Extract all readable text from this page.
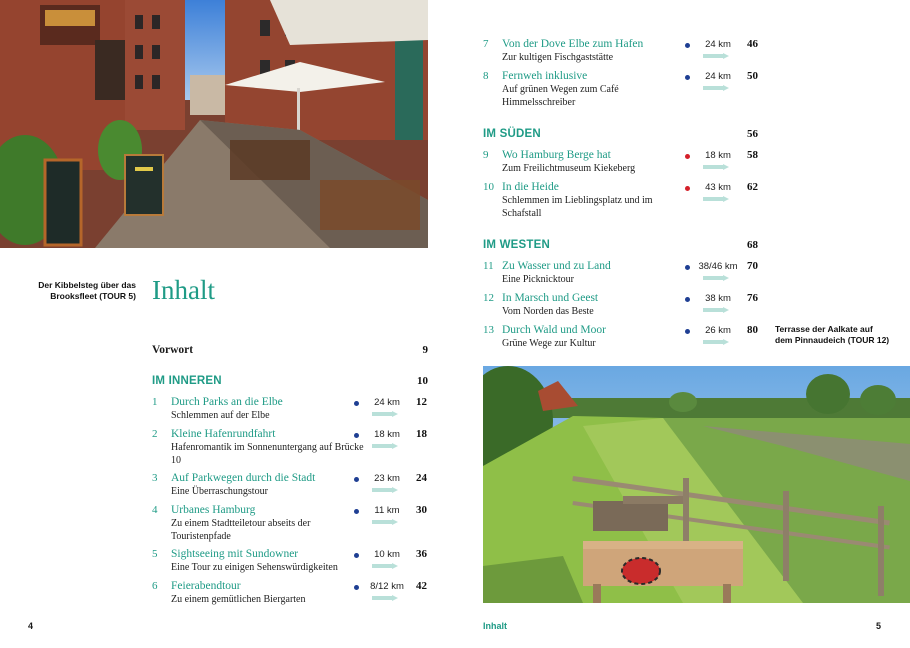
Der Kibbelsteg über das
Brooksfleet (TOUR 5) Inhalt
Vorwort	9
IM INNEREN	10
1 Durch Parks an die Elbe
Schlemmen auf der Elbe
24 km	12
2 Kleine Hafenrundfahrt
Hafenromantik im Sonnenuntergang auf Brücke 10
18 km	18
3 Auf Parkwegen durch die Stadt
Eine Überraschungstour
23 km	24
4 Urbanes Hamburg
Zu einem Stadtteiletour abseits der Touristenpfade
11 km	30
5 Sightseeing mit Sundowner
Eine Tour zu einigen Sehenswürdigkeiten
10 km	36
6 Feierabendtour
Zu einem gemütlichen Biergarten
8/12 km	42
7 Von der Dove Elbe zum Hafen
Zur kultigen Fischgaststätte
24 km	46
8 Fernweh inklusive
Auf grünen Wegen zum Café Himmelsschreiber
24 km	50
IM SÜDEN	56
9 Wo Hamburg Berge hat
Zum Freilichtmuseum Kiekeberg
18 km	58
10 In die Heide
Schlemmen im Lieblingsplatz und im Schafstall
43 km	62
IM WESTEN	68
11 Zu Wasser und zu Land
Eine Picknicktour
38/46 km 70
12 In Marsch und Geest
Vom Norden das Beste
38 km	76
13 Durch Wald und Moor
Grüne Wege zur Kultur
26 km	80 Terrasse der Aalkate auf
dem Pinnaudeich (TOUR 12)
4	Inhalt	5
